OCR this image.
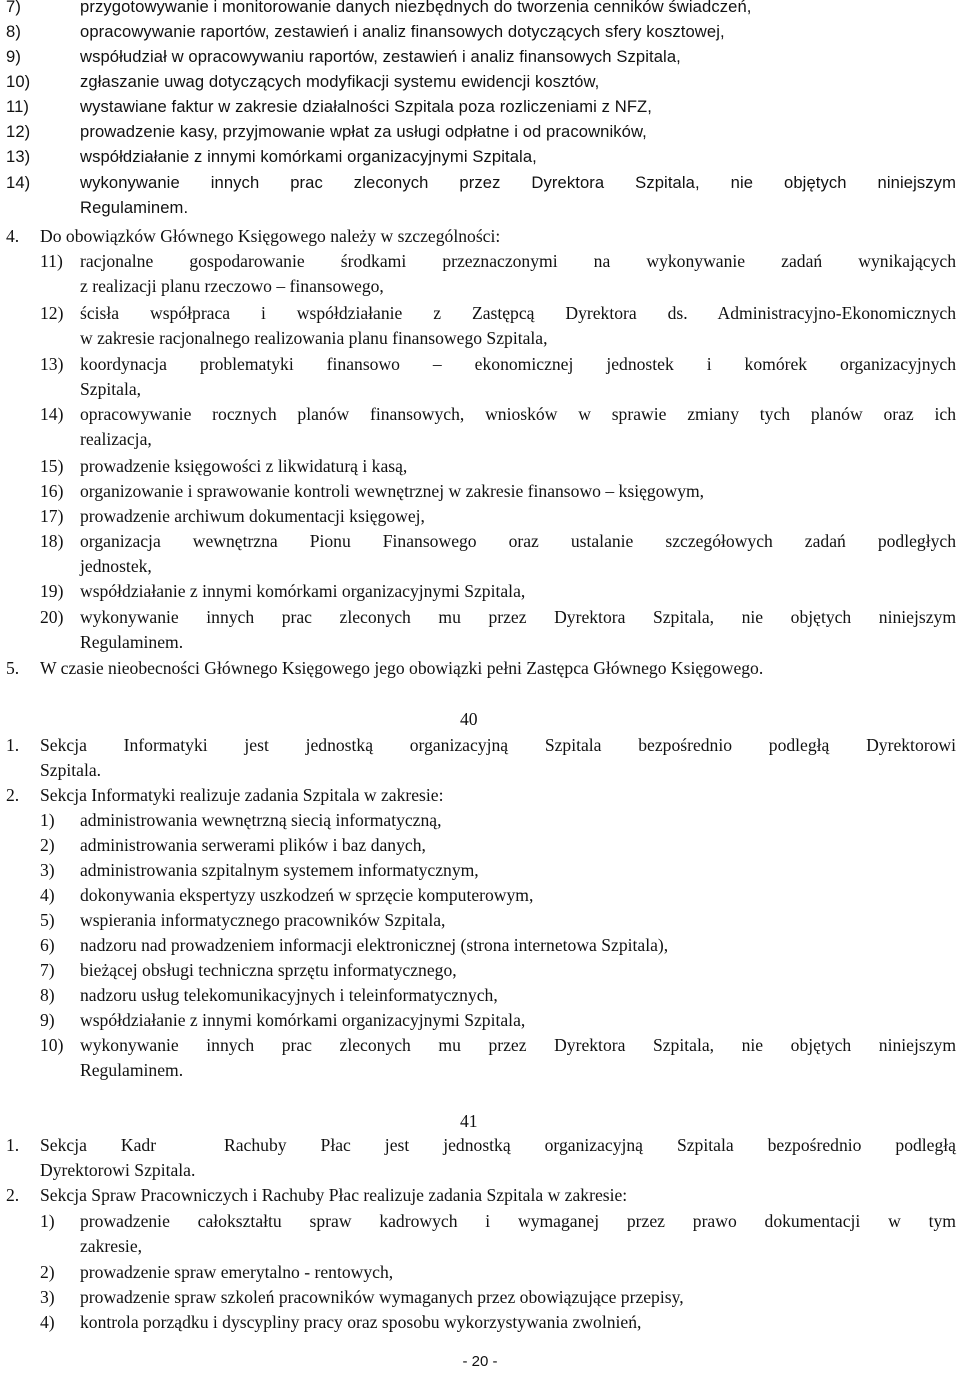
7)	przygotowywanie i monitorowanie danych niezbędnych do tworzenia cenników świadczeń,
8)	opracowywanie raportów, zestawień i analiz finansowych dotyczących sfery kosztowej,
9)	współudział w opracowywaniu raportów, zestawień i analiz finansowych Szpitala,
10)	zgłaszanie uwag dotyczących modyfikacji systemu ewidencji kosztów,
11)	wystawiane faktur w zakresie działalności Szpitala poza rozliczeniami z NFZ,
12)	prowadzenie kasy, przyjmowanie wpłat za usługi odpłatne i od pracowników,
13)	współdziałanie z innymi komórkami organizacyjnymi Szpitala,
14)	wykonywanie innych prac zleconych przez Dyrektora Szpitala, nie objętych niniejszym
Regulaminem.
4. Do obowiązków Głównego Księgowego należy w szczególności:
11) racjonalne gospodarowanie środkami przeznaczonymi na wykonywanie zadań wynikających
z realizacji planu rzeczowo – finansowego,
12) ścisła współpraca i współdziałanie z Zastępcą Dyrektora ds. Administracyjno-Ekonomicznych
w zakresie racjonalnego realizowania planu finansowego Szpitala,
13) koordynacja problematyki finansowo – ekonomicznej jednostek i komórek organizacyjnych
Szpitala,
14) opracowywanie rocznych planów finansowych, wniosków w sprawie zmiany tych planów oraz ich
realizacja,
15) prowadzenie księgowości z likwidaturą i kasą,
16) organizowanie i sprawowanie kontroli wewnętrznej w zakresie finansowo – księgowym,
17) prowadzenie archiwum dokumentacji księgowej,
18) organizacja wewnętrzna Pionu Finansowego oraz ustalanie szczegółowych zadań podległych
jednostek,
19) współdziałanie z innymi komórkami organizacyjnymi Szpitala,
20) wykonywanie innych prac zleconych mu przez Dyrektora Szpitala, nie objętych niniejszym
Regulaminem.
5. W czasie nieobecności Głównego Księgowego jego obowiązki pełni Zastępca Głównego Księgowego.
40
1. Sekcja Informatyki jest jednostką organizacyjną Szpitala bezpośrednio podległą Dyrektorowi
Szpitala.
2. Sekcja Informatyki realizuje zadania Szpitala w zakresie:
1) administrowania wewnętrzną siecią informatyczną,
2) administrowania serwerami plików i baz danych,
3) administrowania szpitalnym systemem informatycznym,
4) dokonywania ekspertyzy uszkodzeń w sprzęcie komputerowym,
5) wspierania informatycznego pracowników Szpitala,
6) nadzoru nad prowadzeniem informacji elektronicznej (strona internetowa Szpitala),
7) bieżącej obsługi techniczna sprzętu informatycznego,
8) nadzoru usług telekomunikacyjnych i teleinformatycznych,
9) współdziałanie z innymi komórkami organizacyjnymi Szpitala,
10) wykonywanie innych prac zleconych mu przez Dyrektora Szpitala, nie objętych niniejszym
Regulaminem.
41
1. Sekcja Kadr  Rachuby Płac jest jednostką organizacyjną Szpitala bezpośrednio podległą
Dyrektorowi Szpitala.
2. Sekcja Spraw Pracowniczych i Rachuby Płac realizuje zadania Szpitala w zakresie:
1) prowadzenie całokształtu spraw kadrowych i wymaganej przez prawo dokumentacji w tym
zakresie,
2) prowadzenie spraw emerytalno - rentowych,
3) prowadzenie spraw szkoleń pracowników wymaganych przez obowiązujące przepisy,
4) kontrola porządku i dyscypliny pracy oraz sposobu wykorzystywania zwolnień,
- 20 -
